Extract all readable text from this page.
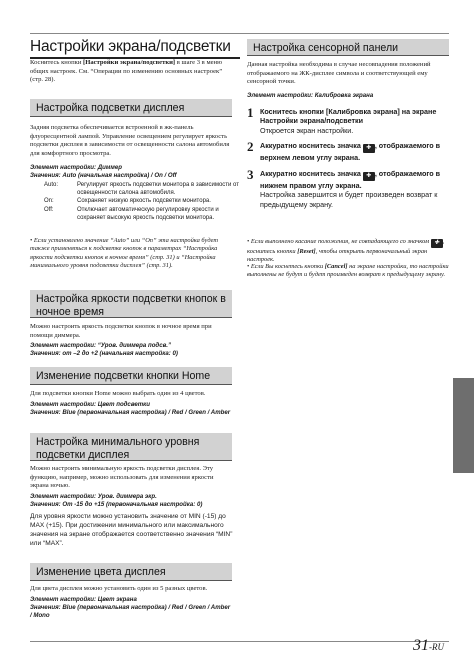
Настройки экрана/подсветки
Коснитесь кнопки [Настройки экрана/подсветки] в шаге 3 в меню общих настроек. См. “Операции по изменению основных настроек” (стр. 28).
Настройка подсветки дисплея
Задняя подсветка обеспечивается встроенной в жк-панель флуоресцентной лампой. Управление освещением регулирует яркость подсветки дисплея в зависимости от освещенности салона автомобиля для комфортного просмотра.
Элемент настройки: Диммер
Значения: Auto (начальная настройка) / On / Off
Auto:	Регулирует яркость подсветки монитора в зависимости от освещенности салона автомобиля.
On:	Сохраняет низкую яркость подсветки монитора.
Off:	Отключает автоматическую регулировку яркости и сохраняет высокую яркость подсветки монитора.
• Если установлено значение “Auto” или “On” эта настройка будет также применяться к подсветке кнопок в параметрах “Настройка яркости подсветки кнопок в ночное время” (стр. 31) и “Настройка минимального уровня подсветки дисплея” (стр. 31).
Настройка яркости подсветки кнопок в ночное время
Можно настроить яркость подсветки кнопок в ночное время при помощи диммера.
Элемент настройки: “Уров. диммера подсв.”
Значения: от –2 до +2 (начальная настройка: 0)
Изменение подсветки кнопки Home
Для подсветки кнопки Home можно выбрать один из 4 цветов.
Элемент настройки: Цвет подсветки
Значения: Blue (первоначальная настройка) / Red / Green / Amber
Настройка минимального уровня подсветки дисплея
Можно настроить минимальную яркость подсветки дисплея. Эту функцию, например, можно использовать для изменения яркости экрана ночью.
Элемент настройки: Уров. диммера экр.
Значения: От -15 до +15 (первоначальная настройка: 0)
Для уровня яркости можно установить значение от MIN (-15) до MAX (+15). При достижении минимального или максимального значения на экране отображается соответственно значения “MIN” или “MAX”.
Изменение цвета дисплея
Для цвета дисплея можно установить один из 5 разных цветов.
Элемент настройки: Цвет экрана
Значения: Blue (первоначальная настройка) / Red / Green / Amber / Mono
Настройка сенсорной панели
Данная настройка необходима в случае несовпадения положений отображаемого на ЖК-дисплее символа и соответствующей ему сенсорной точки.
Элемент настройки: Калибровка экрана
1 Коснитесь кнопки [Калибровка экрана] на экране Настройки экрана/подсветки
Откроется экран настройки.
2 Аккуратно коснитесь значка ✚ , отображаемого в верхнем левом углу экрана.
3 Аккуратно коснитесь значка ✚ , отображаемого в нижнем правом углу экрана.
Настройка завершится и будет произведен возврат к предыдущему экрану.
• Если выполнено касание положения, не совпадающего со значком ✚ , коснитесь кнопки [Reset], чтобы открыть первоначальный экран настроек.
• Если Вы коснетесь кнопки [Cancel] на экране настройки, то настройки выполнены не будут и будет произведен возврат к предыдущему экрану.
31-RU
